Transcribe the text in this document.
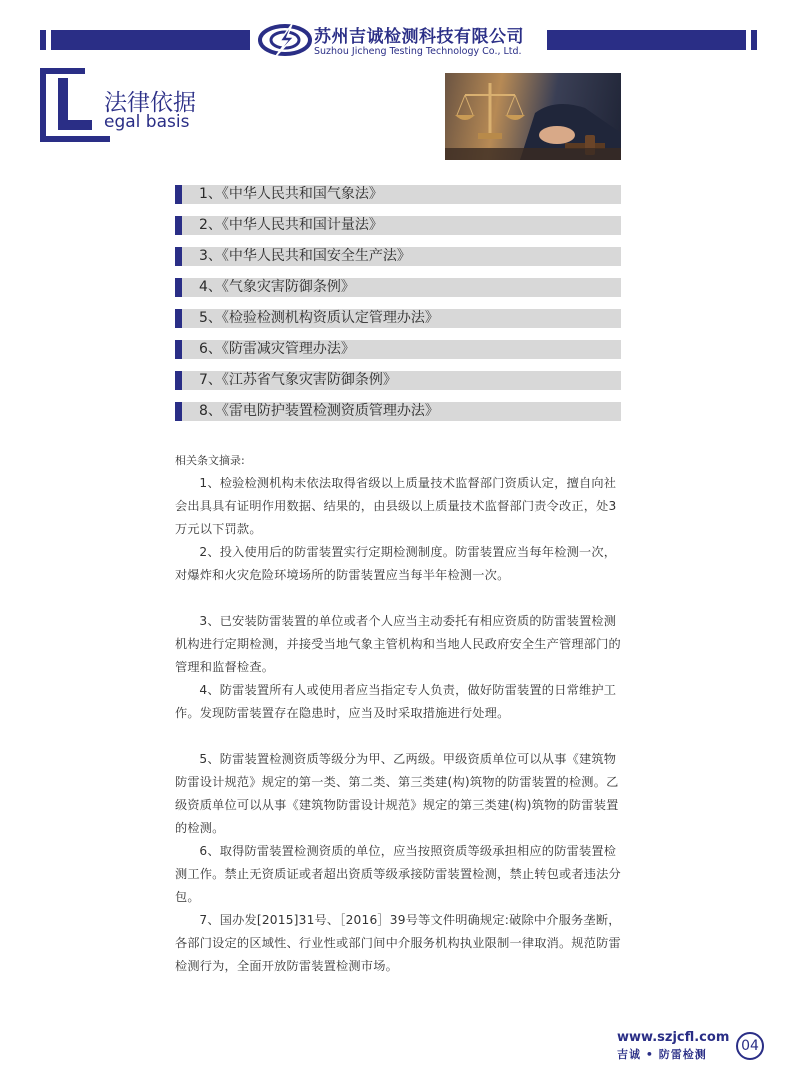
苏州吉诚检测科技有限公司
Suzhou Jicheng Testing Technology Co., Ltd.
法律依据
egal basis
1、《中华人民共和国气象法》
2、《中华人民共和国计量法》
3、《中华人民共和国安全生产法》
4、《气象灾害防御条例》
5、《检验检测机构资质认定管理办法》
6、《防雷减灾管理办法》
7、《江苏省气象灾害防御条例》
8、《雷电防护装置检测资质管理办法》
相关条文摘录:
1、检验检测机构未依法取得省级以上质量技术监督部门资质认定，擅自向社会出具具有证明作用数据、结果的，由县级以上质量技术监督部门责令改正，处3万元以下罚款。
2、投入使用后的防雷装置实行定期检测制度。防雷装置应当每年检测一次，对爆炸和火灾危险环境场所的防雷装置应当每半年检测一次。
3、已安装防雷装置的单位或者个人应当主动委托有相应资质的防雷装置检测机构进行定期检测，并接受当地气象主管机构和当地人民政府安全生产管理部门的管理和监督检查。
4、防雷装置所有人或使用者应当指定专人负责，做好防雷装置的日常维护工作。发现防雷装置存在隐患时，应当及时采取措施进行处理。
5、防雷装置检测资质等级分为甲、乙两级。甲级资质单位可以从事《建筑物防雷设计规范》规定的第一类、第二类、第三类建(构)筑物的防雷装置的检测。乙级资质单位可以从事《建筑物防雷设计规范》规定的第三类建(构)筑物的防雷装置的检测。
6、取得防雷装置检测资质的单位，应当按照资质等级承担相应的防雷装置检测工作。禁止无资质证或者超出资质等级承接防雷装置检测，禁止转包或者违法分包。
7、国办发[2015]31号、［2016］39号等文件明确规定:破除中介服务垄断，各部门设定的区域性、行业性或部门间中介服务机构执业限制一律取消。规范防雷检测行为，全面开放防雷装置检测市场。
www.szjcfl.com
吉诚 • 防雷检测
04
